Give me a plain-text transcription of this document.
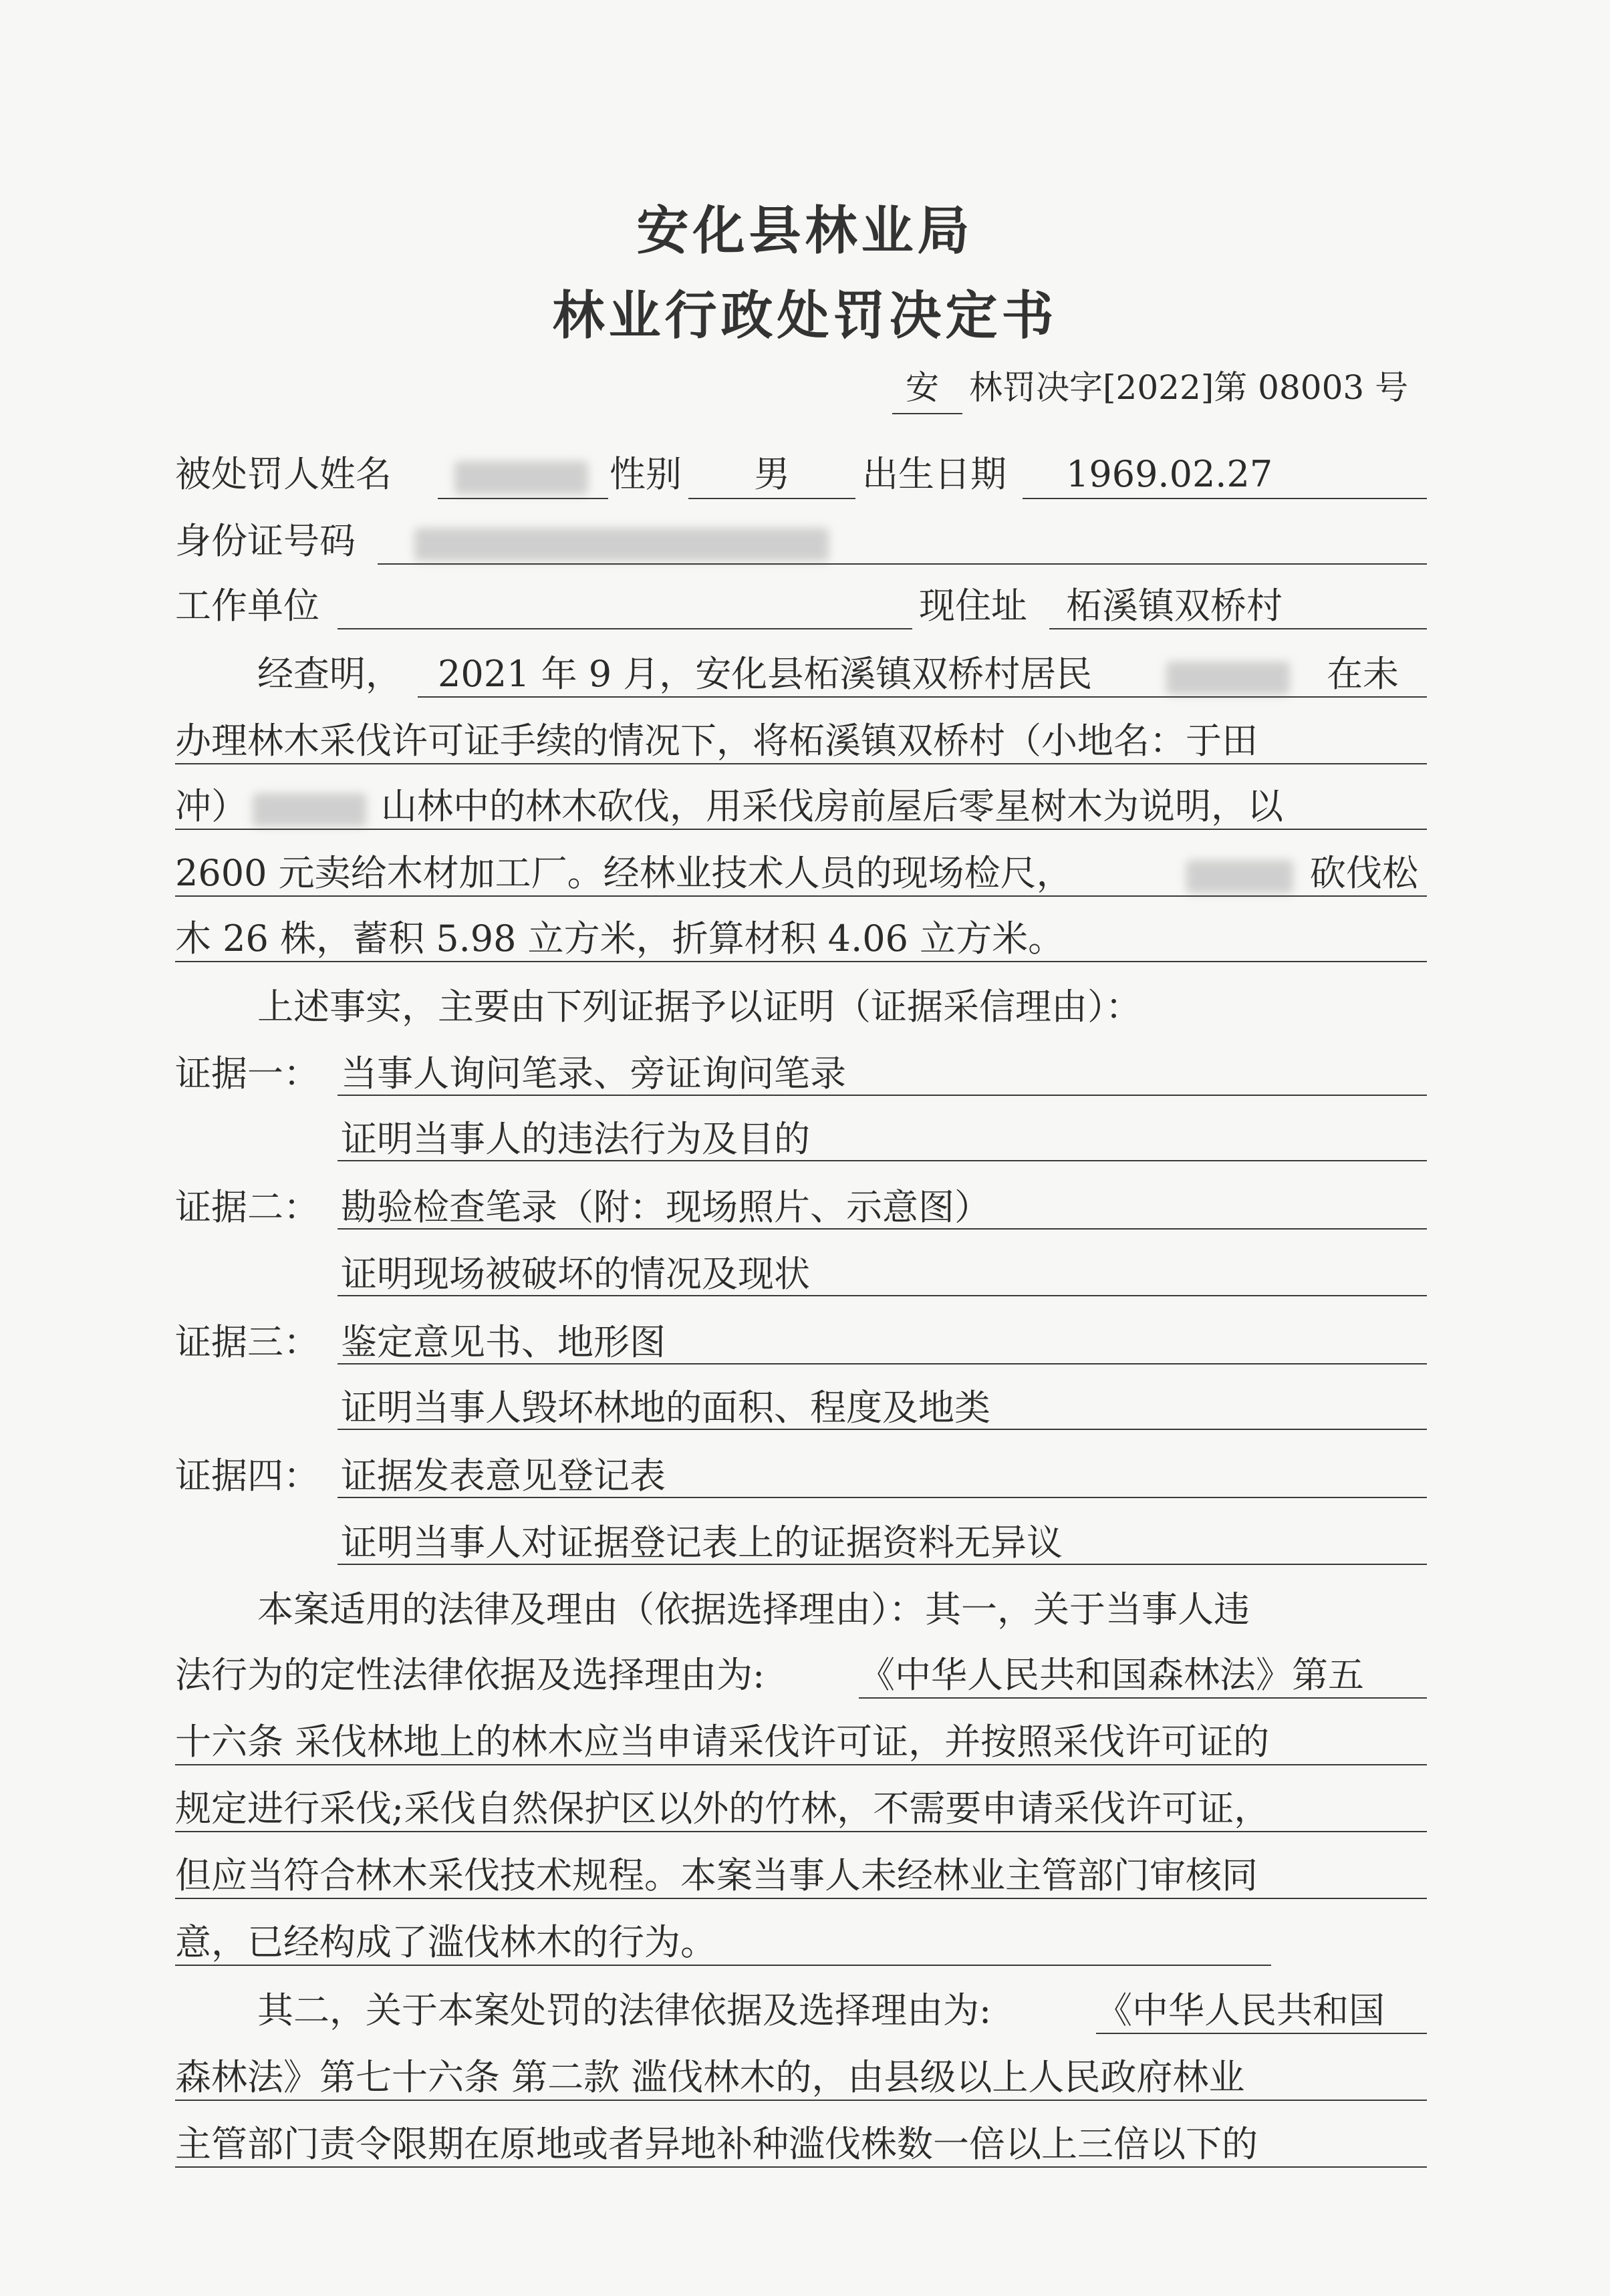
安化县林业局
林业行政处罚决定书
安 林罚决字[2022]第 08003 号
被处罚人姓名	性别	男	出生日期 1969.02.27
身份证号码
工作单位	现住址 柘溪镇双桥村
经查明， 2021 年 9 月，安化县柘溪镇双桥村居民	在未
办理林木采伐许可证手续的情况下，将柘溪镇双桥村（小地名：于田
冲）	山林中的林木砍伐，用采伐房前屋后零星树木为说明，以
2600 元卖给木材加工厂。经林业技术人员的现场检尺，	砍伐松
木 26 株，蓄积 5.98 立方米，折算材积 4.06 立方米。
上述事实，主要由下列证据予以证明（证据采信理由）：
证据一： 当事人询问笔录、旁证询问笔录
证明当事人的违法行为及目的
证据二： 勘验检查笔录（附：现场照片、示意图）
证明现场被破坏的情况及现状
证据三： 鉴定意见书、地形图
证明当事人毁坏林地的面积、程度及地类
证据四： 证据发表意见登记表
证明当事人对证据登记表上的证据资料无异议
本案适用的法律及理由（依据选择理由）：其一，关于当事人违
法行为的定性法律依据及选择理由为:	《中华人民共和国森林法》第五
十六条 采伐林地上的林木应当申请采伐许可证，并按照采伐许可证的
规定进行采伐;采伐自然保护区以外的竹林，不需要申请采伐许可证，
但应当符合林木采伐技术规程。本案当事人未经林业主管部门审核同
意，已经构成了滥伐林木的行为。
其二，关于本案处罚的法律依据及选择理由为:	《中华人民共和国
森林法》第七十六条 第二款 滥伐林木的，由县级以上人民政府林业
主管部门责令限期在原地或者异地补种滥伐株数一倍以上三倍以下的
